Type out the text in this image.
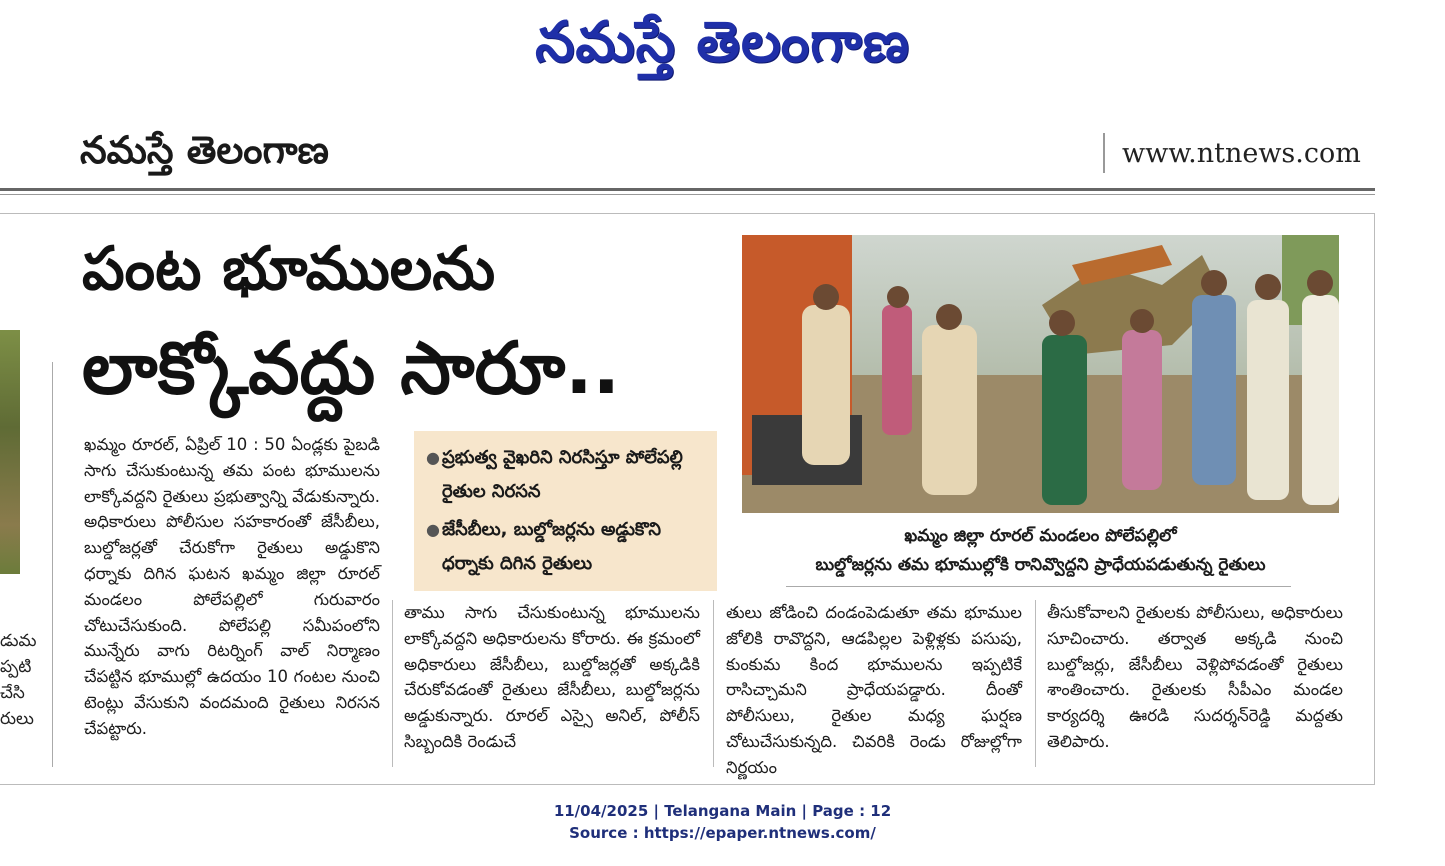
నమస్తే తెలంగాణ
నమస్తే తెలంగాణ	www.ntnews.com
డుమ
ప్పటి
చేసి
రులు
పంట భూములను
లాక్కోవద్దు సారూ..
● ప్రభుత్వ వైఖరిని నిరసిస్తూ పోలేపల్లి రైతుల నిరసన
● జేసీబీలు, బుల్డోజర్లను అడ్డుకొని ధర్నాకు దిగిన రైతులు
ఖమ్మం జిల్లా రూరల్ మండలం పోలేపల్లిలో
బుల్డోజర్లను తమ భూముల్లోకి రానివ్వొద్దని ప్రాధేయపడుతున్న రైతులు

ఖమ్మం రూరల్, ఏప్రిల్ 10 : 50 ఏండ్లకు పైబడి సాగు చేసుకుంటున్న తమ పంట భూములను లాక్కోవద్దని రైతులు ప్రభుత్వాన్ని వేడుకున్నారు. అధికారులు పోలీసుల సహకారంతో జేసీబీలు, బుల్డోజర్లతో చేరుకోగా రైతులు అడ్డుకొని ధర్నాకు దిగిన ఘటన ఖమ్మం జిల్లా రూరల్ మండలం పోలేపల్లిలో గురువారం చోటుచేసుకుంది. పోలేపల్లి సమీపంలోని మున్నేరు వాగు రిటర్నింగ్ వాల్ నిర్మాణం చేపట్టిన భూముల్లో ఉదయం 10 గంటల నుంచి టెంట్లు వేసుకుని వందమంది రైతులు నిరసన చేపట్టారు.

తాము సాగు చేసుకుంటున్న భూములను లాక్కోవద్దని అధికారులను కోరారు. ఈ క్రమంలో అధికారులు జేసీబీలు, బుల్డోజర్లతో అక్కడికి చేరుకోవడంతో రైతులు జేసీబీలు, బుల్డోజర్లను అడ్డుకున్నారు. రూరల్ ఎస్సై అనిల్, పోలీస్ సిబ్బందికి రెండుచే

తులు జోడించి దండంపెడుతూ తమ భూముల జోలికి రావొద్దని, ఆడపిల్లల పెళ్లిళ్లకు పసుపు, కుంకుమ కింద భూములను ఇప్పటికే రాసిచ్చామని ప్రాధేయపడ్డారు. దీంతో పోలీసులు, రైతుల మధ్య ఘర్షణ చోటుచేసుకున్నది. చివరికి రెండు రోజుల్లోగా నిర్ణయం

తీసుకోవాలని రైతులకు పోలీసులు, అధికారులు సూచించారు. తర్వాత అక్కడి నుంచి బుల్డోజర్లు, జేసీబీలు వెళ్లిపోవడంతో రైతులు శాంతించారు. రైతులకు సీపీఎం మండల కార్యదర్శి ఊరడి సుదర్శన్‌రెడ్డి మద్దతు తెలిపారు.

11/04/2025 | Telangana Main | Page : 12
Source : https://epaper.ntnews.com/
